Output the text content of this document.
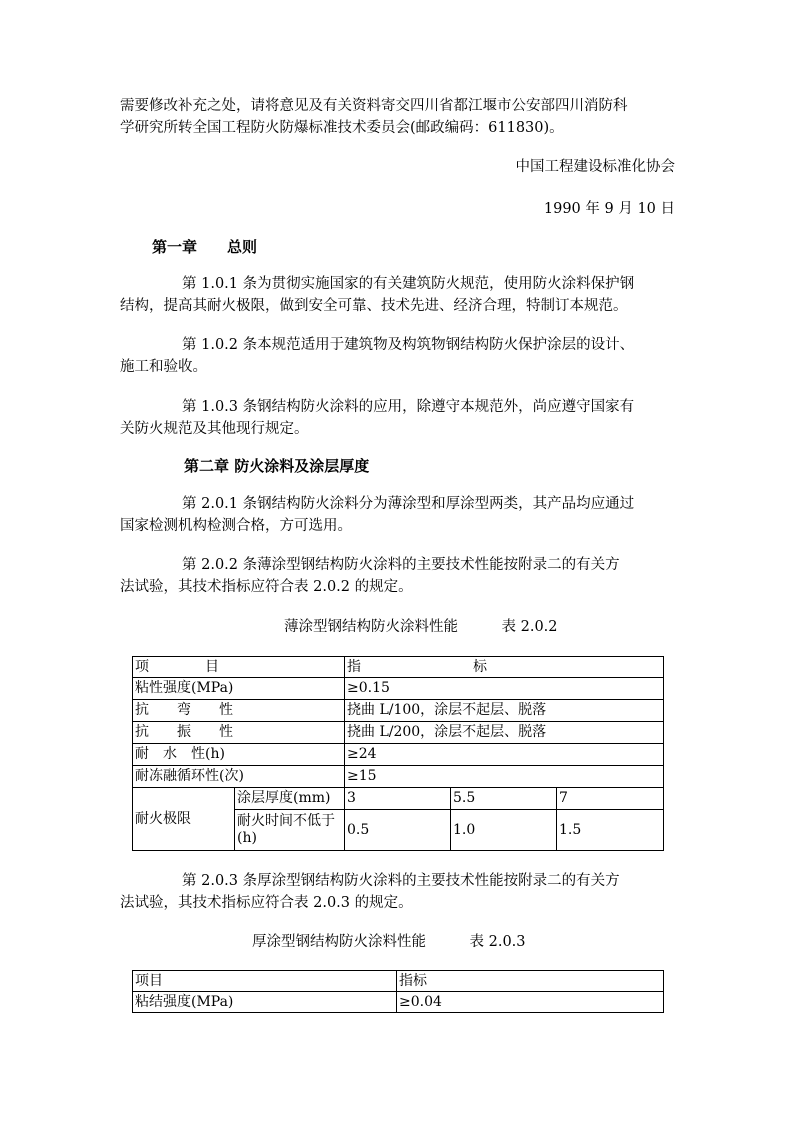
需要修改补充之处，请将意见及有关资料寄交四川省都江堰市公安部四川消防科
学研究所转全国工程防火防爆标准技术委员会(邮政编码：611830)。
中国工程建设标准化协会
1990 年 9 月 10 日
第一章　　总则
第 1.0.1 条为贯彻实施国家的有关建筑防火规范，使用防火涂料保护钢
结构，提高其耐火极限，做到安全可靠、技术先进、经济合理，特制订本规范。
第 1.0.2 条本规范适用于建筑物及构筑物钢结构防火保护涂层的设计、
施工和验收。
第 1.0.3 条钢结构防火涂料的应用，除遵守本规范外，尚应遵守国家有
关防火规范及其他现行规定。
第二章 防火涂料及涂层厚度
第 2.0.1 条钢结构防火涂料分为薄涂型和厚涂型两类，其产品均应通过
国家检测机构检测合格，方可选用。
第 2.0.2 条薄涂型钢结构防火涂料的主要技术性能按附录二的有关方
法试验，其技术指标应符合表 2.0.2 的规定。
薄涂型钢结构防火涂料性能　　　表 2.0.2
项　　　　目		指　　　　　　　　标		
粘性强度(MPa)		≥0.15		
抗　　弯　　性		挠曲 L/100，涂层不起层、脱落		
抗　　振　　性		挠曲 L/200，涂层不起层、脱落		
耐　水　性(h)		≥24		
耐冻融循环性(次)		≥15		
耐火极限	涂层厚度(mm)	3	5.5	7
	耐火时间不低于(h)	0.5	1.0	1.5
第 2.0.3 条厚涂型钢结构防火涂料的主要技术性能按附录二的有关方
法试验，其技术指标应符合表 2.0.3 的规定。
厚涂型钢结构防火涂料性能　　　表 2.0.3
项目	指标
粘结强度(MPa)	≥0.04
